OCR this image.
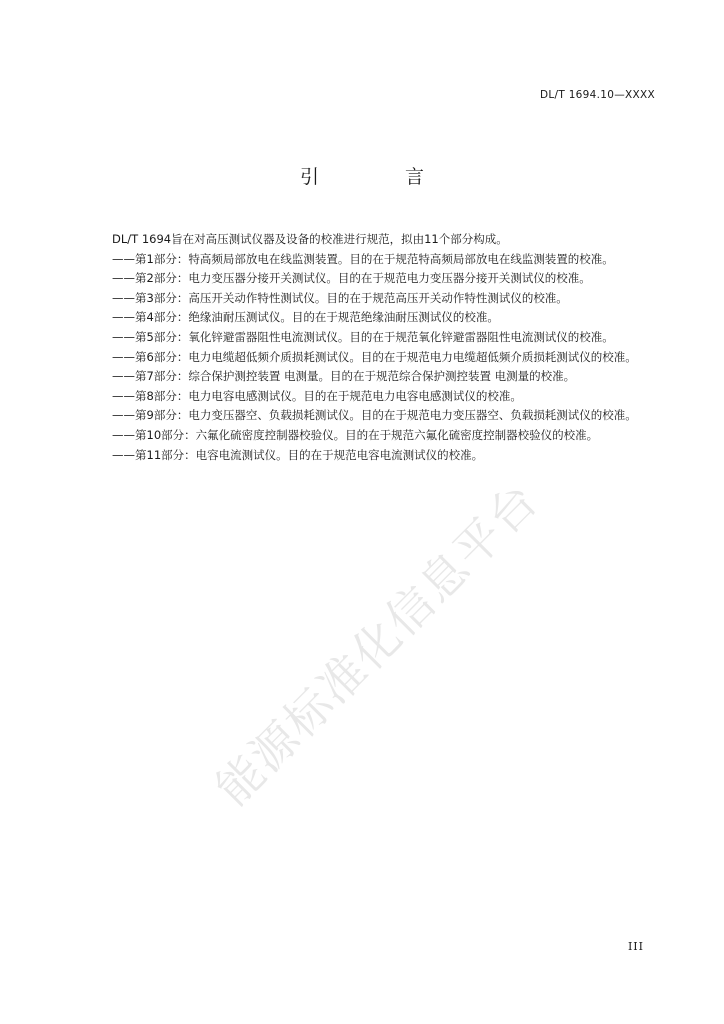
DL/T 1694.10—XXXX
引 言

DL/T 1694旨在对高压测试仪器及设备的校准进行规范，拟由11个部分构成。

——第1部分：特高频局部放电在线监测装置。目的在于规范特高频局部放电在线监测装置的校准。

——第2部分：电力变压器分接开关测试仪。目的在于规范电力变压器分接开关测试仪的校准。

——第3部分：高压开关动作特性测试仪。目的在于规范高压开关动作特性测试仪的校准。

——第4部分：绝缘油耐压测试仪。目的在于规范绝缘油耐压测试仪的校准。

——第5部分：氧化锌避雷器阻性电流测试仪。目的在于规范氧化锌避雷器阻性电流测试仪的校准。

——第6部分：电力电缆超低频介质损耗测试仪。目的在于规范电力电缆超低频介质损耗测试仪的校准。

——第7部分：综合保护测控装置 电测量。目的在于规范综合保护测控装置 电测量的校准。

——第8部分：电力电容电感测试仪。目的在于规范电力电容电感测试仪的校准。

——第9部分：电力变压器空、负载损耗测试仪。目的在于规范电力变压器空、负载损耗测试仪的校准。

——第10部分：六氟化硫密度控制器校验仪。目的在于规范六氟化硫密度控制器校验仪的校准。

——第11部分：电容电流测试仪。目的在于规范电容电流测试仪的校准。

能源标准化信息平台
III
